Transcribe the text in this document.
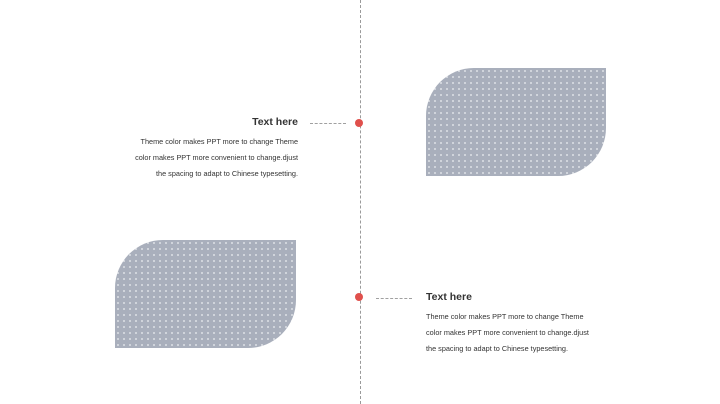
Text here
Theme color makes PPT more to change Theme
color makes PPT more convenient to change.djust
the spacing to adapt to Chinese typesetting.
Text here
Theme color makes PPT more to change Theme
color makes PPT more convenient to change.djust
the spacing to adapt to Chinese typesetting.
